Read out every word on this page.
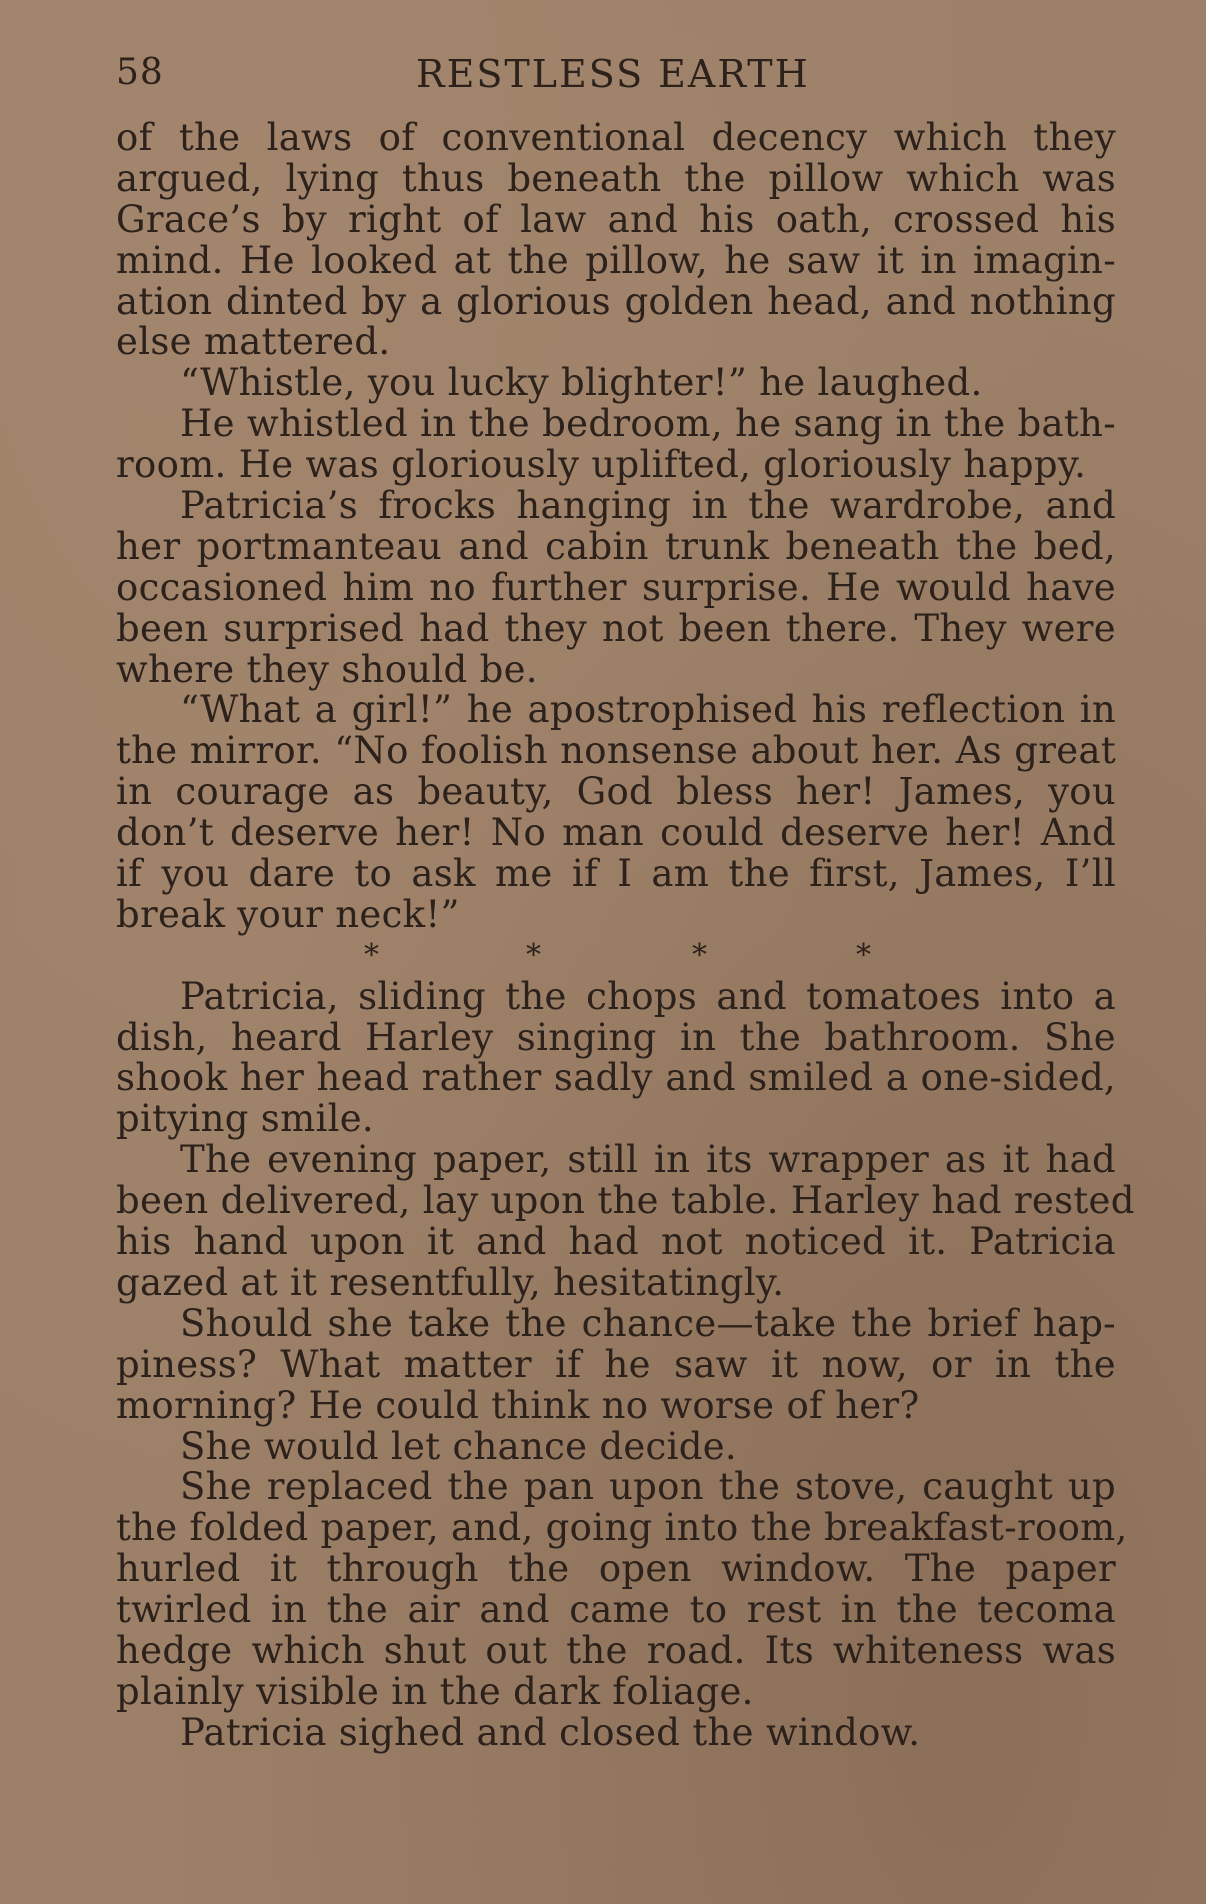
58	RESTLESS EARTH
of the laws of conventional decency which they
argued, lying thus beneath the pillow which was
Grace’s by right of law and his oath, crossed his
mind. He looked at the pillow, he saw it in imagin-
ation dinted by a glorious golden head, and nothing
else mattered.
“Whistle, you lucky blighter!” he laughed.
He whistled in the bedroom, he sang in the bath-
room. He was gloriously uplifted, gloriously happy.
Patricia’s frocks hanging in the wardrobe, and
her portmanteau and cabin trunk beneath the bed,
occasioned him no further surprise. He would have
been surprised had they not been there. They were
where they should be.
“What a girl!” he apostrophised his reflection in
the mirror. “No foolish nonsense about her. As great
in courage as beauty, God bless her! James, you
don’t deserve her! No man could deserve her! And
if you dare to ask me if I am the first, James, I’ll
break your neck!”
*	*	*	*
Patricia, sliding the chops and tomatoes into a
dish, heard Harley singing in the bathroom. She
shook her head rather sadly and smiled a one-sided,
pitying smile.
The evening paper, still in its wrapper as it had
been delivered, lay upon the table. Harley had rested
his hand upon it and had not noticed it. Patricia
gazed at it resentfully, hesitatingly.
Should she take the chance—take the brief hap-
piness? What matter if he saw it now, or in the
morning? He could think no worse of her?
She would let chance decide.
She replaced the pan upon the stove, caught up
the folded paper, and, going into the breakfast-room,
hurled it through the open window. The paper
twirled in the air and came to rest in the tecoma
hedge which shut out the road. Its whiteness was
plainly visible in the dark foliage.
Patricia sighed and closed the window.
